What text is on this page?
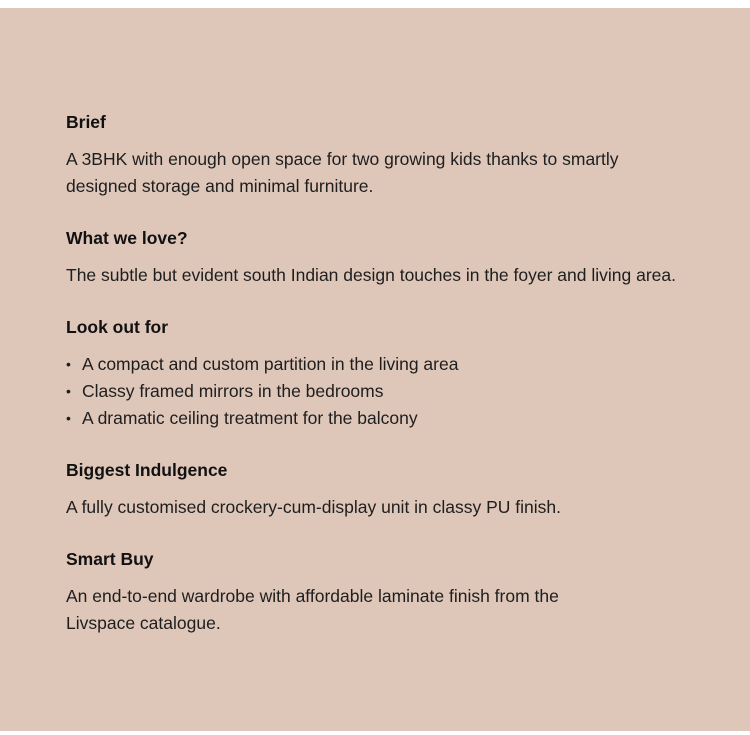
Brief

A 3BHK with enough open space for two growing kids thanks to smartly designed storage and minimal furniture.

What we love?

The subtle but evident south Indian design touches in the foyer and living area.

Look out for
• A compact and custom partition in the living area
• Classy framed mirrors in the bedrooms
• A dramatic ceiling treatment for the balcony
Biggest Indulgence

A fully customised crockery-cum-display unit in classy PU finish.

Smart Buy

An end-to-end wardrobe with affordable laminate finish from the Livspace catalogue.
